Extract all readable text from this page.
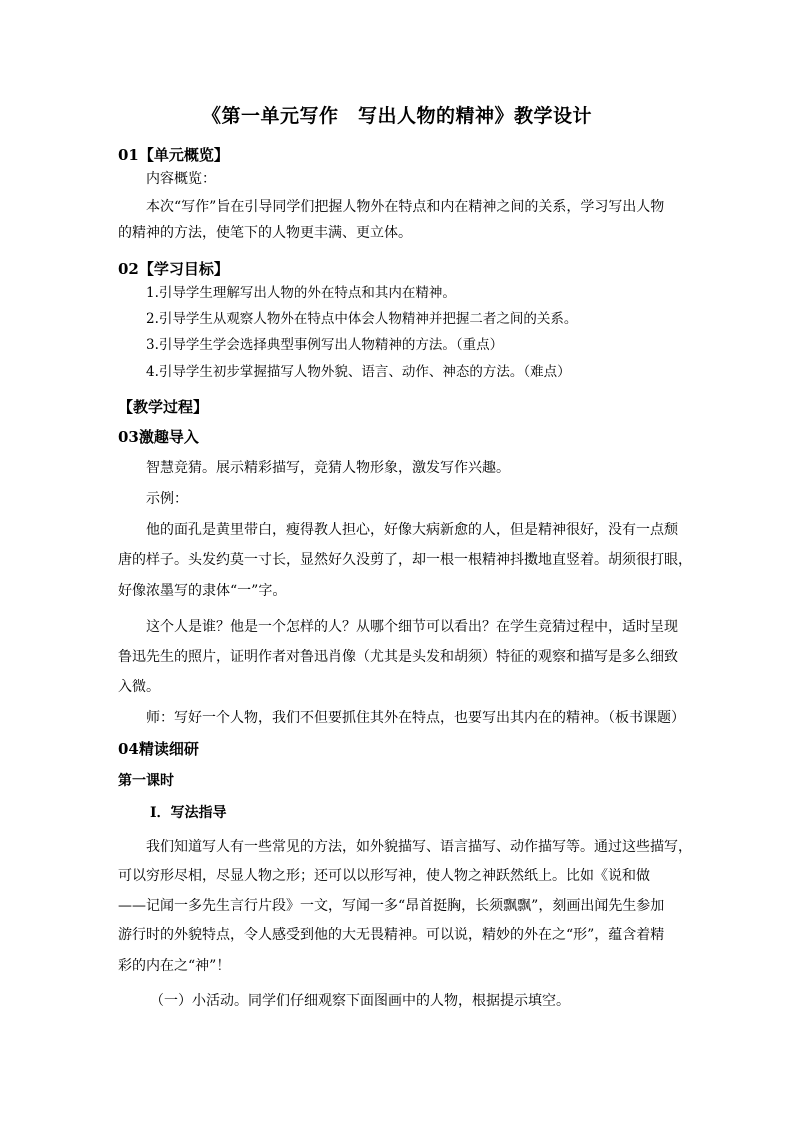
《第一单元写作　写出人物的精神》教学设计
01【单元概览】
内容概览：
本次“写作”旨在引导同学们把握人物外在特点和内在精神之间的关系，学习写出人物
的精神的方法，使笔下的人物更丰满、更立体。
02【学习目标】
1.引导学生理解写出人物的外在特点和其内在精神。
2.引导学生从观察人物外在特点中体会人物精神并把握二者之间的关系。
3.引导学生学会选择典型事例写出人物精神的方法。（重点）
4.引导学生初步掌握描写人物外貌、语言、动作、神态的方法。（难点）
【教学过程】
03激趣导入
智慧竞猜。展示精彩描写，竞猜人物形象，激发写作兴趣。
示例：
他的面孔是黄里带白，瘦得教人担心，好像大病新愈的人，但是精神很好，没有一点颓
唐的样子。头发约莫一寸长，显然好久没剪了，却一根一根精神抖擞地直竖着。胡须很打眼，
好像浓墨写的隶体“一”字。
这个人是谁？他是一个怎样的人？从哪个细节可以看出？在学生竞猜过程中，适时呈现
鲁迅先生的照片，证明作者对鲁迅肖像（尤其是头发和胡须）特征的观察和描写是多么细致
入微。
师：写好一个人物，我们不但要抓住其外在特点，也要写出其内在的精神。（板书课题）
04精读细研
第一课时
Ⅰ．写法指导
我们知道写人有一些常见的方法，如外貌描写、语言描写、动作描写等。通过这些描写，
可以穷形尽相，尽显人物之形；还可以以形写神，使人物之神跃然纸上。比如《说和做
——记闻一多先生言行片段》一文，写闻一多“昂首挺胸，长须飘飘”，刻画出闻先生参加
游行时的外貌特点，令人感受到他的大无畏精神。可以说，精妙的外在之“形”，蕴含着精
彩的内在之“神”！
（一）小活动。同学们仔细观察下面图画中的人物，根据提示填空。
